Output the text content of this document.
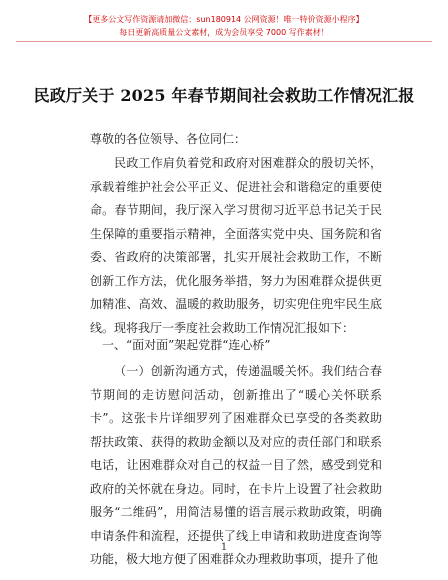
【更多公文写作资源请加微信：sun180914 公网资源！唯一特价资源小程序】
每日更新高质量公文素材，成为会员享受 7000 写作素材！
民政厅关于 2025 年春节期间社会救助工作情况汇报
尊敬的各位领导、各位同仁：

民政工作肩负着党和政府对困难群众的殷切关怀，承载着维护社会公平正义、促进社会和谐稳定的重要使命。春节期间，我厅深入学习贯彻习近平总书记关于民生保障的重要指示精神，全面落实党中央、国务院和省委、省政府的决策部署，扎实开展社会救助工作，不断创新工作方法，优化服务举措，努力为困难群众提供更加精准、高效、温暖的救助服务，切实兜住兜牢民生底线。现将我厅一季度社会救助工作情况汇报如下：

一、“面对面”架起党群“连心桥”

（一）创新沟通方式，传递温暖关怀。我们结合春节期间的走访慰问活动，创新推出了“暖心关怀联系卡”。这张卡片详细罗列了困难群众已享受的各类救助帮扶政策、获得的救助金额以及对应的责任部门和联系电话，让困难群众对自己的权益一目了然，感受到党和政府的关怀就在身边。同时，在卡片上设置了社会救助服务“二维码”，用简洁易懂的语言展示救助政策，明确申请条件和流程，还提供了线上申请和救助进度查询等功能，极大地方便了困难群众办理救助事项，提升了他

1
